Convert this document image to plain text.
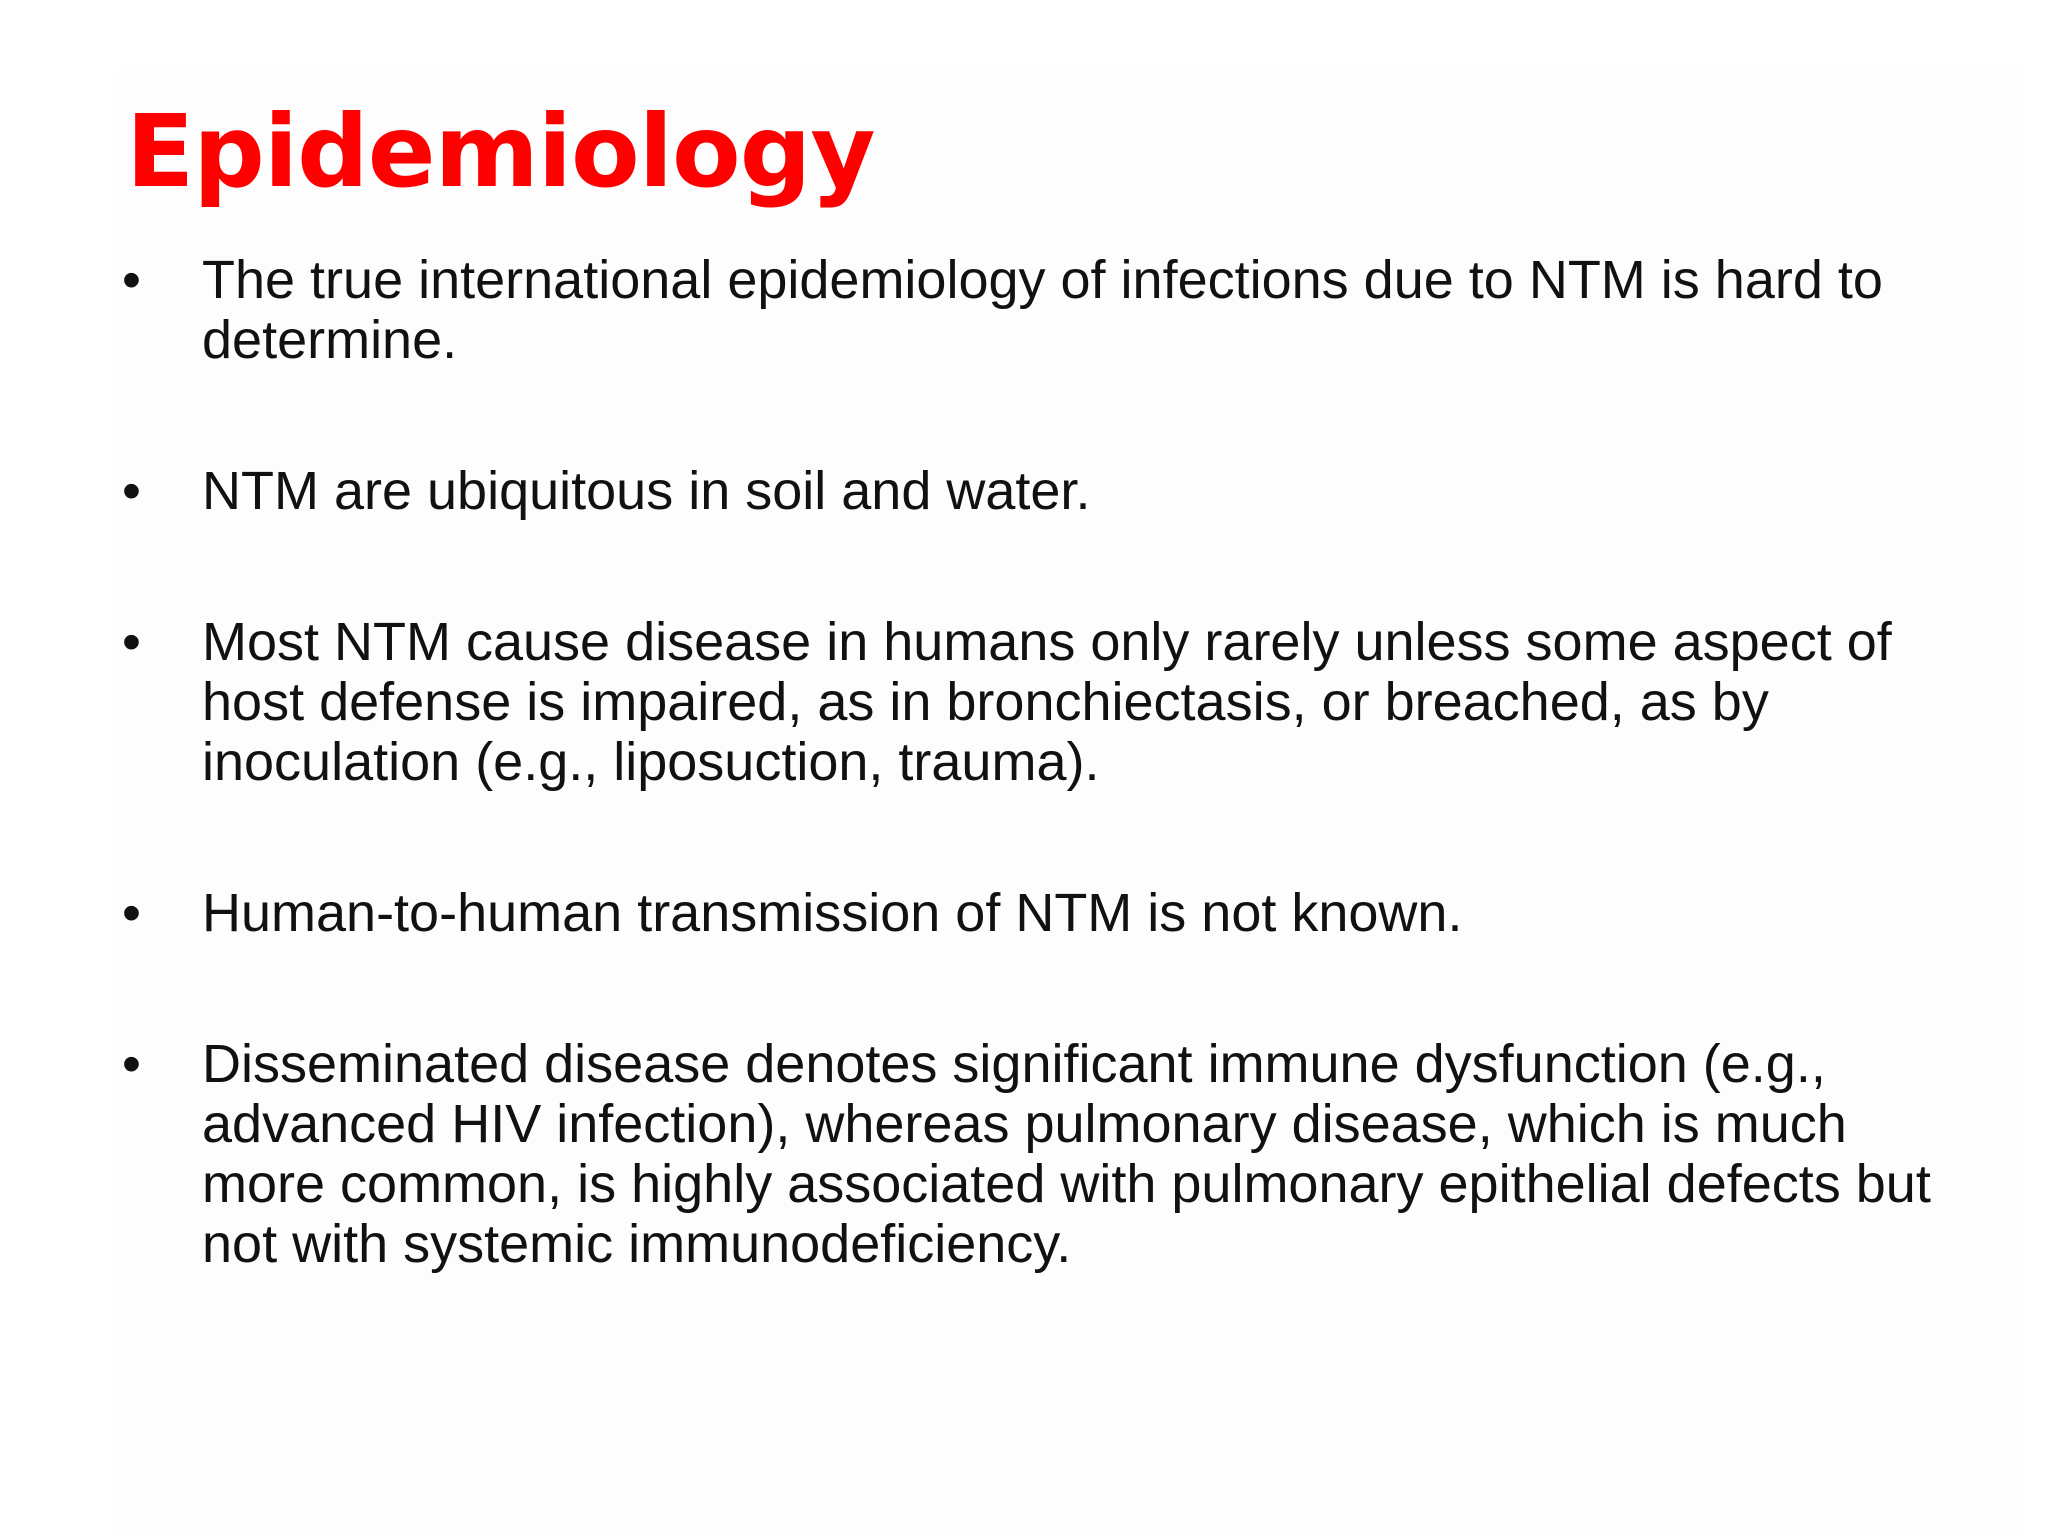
Epidemiology
• The true international epidemiology of infections due to NTM is hard to determine.
• NTM are ubiquitous in soil and water.
• Most NTM cause disease in humans only rarely unless some aspect of host defense is impaired, as in bronchiectasis, or breached, as by inoculation (e.g., liposuction, trauma).
• Human-to-human transmission of NTM is not known.
• Disseminated disease denotes significant immune dysfunction (e.g., advanced HIV infection), whereas pulmonary disease, which is much more common, is highly associated with pulmonary epithelial defects but not with systemic immunodeficiency.
